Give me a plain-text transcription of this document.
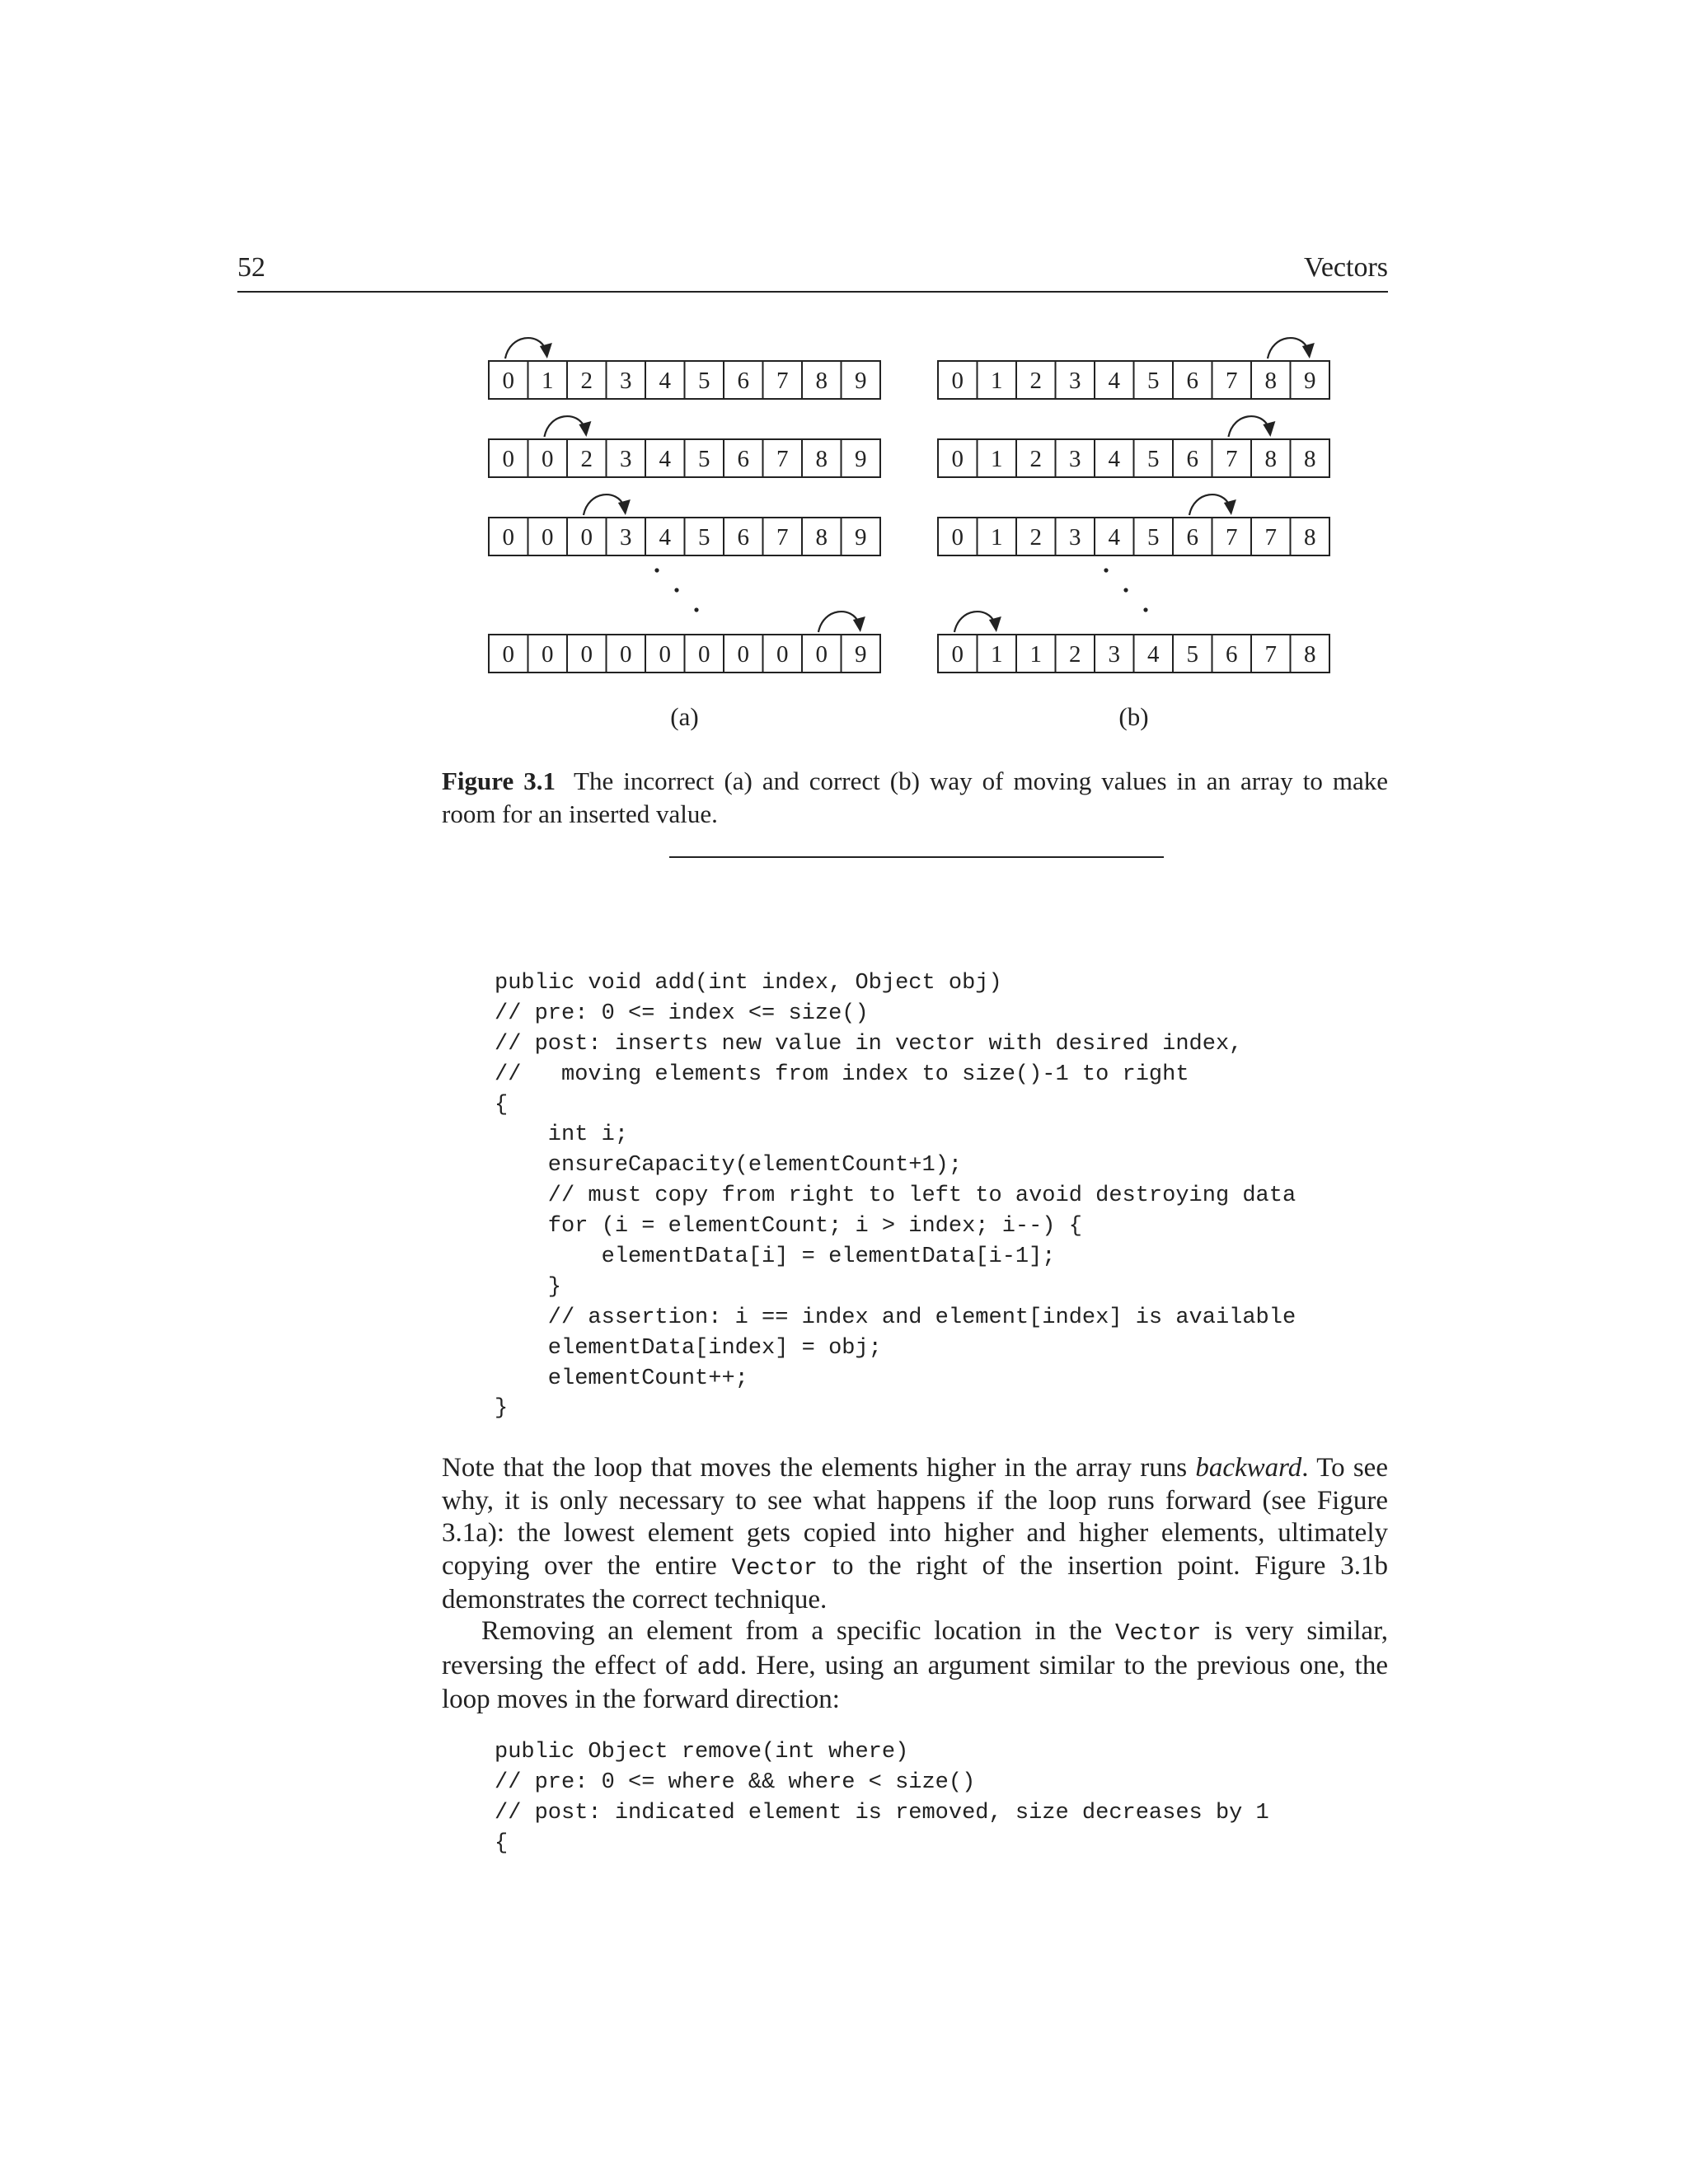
52	Vectors
0 1 2 3 4 5 6 7 8 9
0 0 2 3 4 5 6 7 8 9
0 0 0 3 4 5 6 7 8 9
0 0 0 0 0 0 0 0 0 9
(a)
0 1 2 3 4 5 6 7 8 9
0 1 2 3 4 5 6 7 8 8
0 1 2 3 4 5 6 7 7 8
0 1 1 2 3 4 5 6 7 8
(b)
Figure 3.1 The incorrect (a) and correct (b) way of moving values in an array to make room for an inserted value.
public void add(int index, Object obj)
// pre: 0 <= index <= size()
// post: inserts new value in vector with desired index,
//   moving elements from index to size()-1 to right
{
int i;
ensureCapacity(elementCount+1);
// must copy from right to left to avoid destroying data
for (i = elementCount; i > index; i--) {
elementData[i] = elementData[i-1];
}
// assertion: i == index and element[index] is available
elementData[index] = obj;
elementCount++;
}

Note that the loop that moves the elements higher in the array runs backward. To see why, it is only necessary to see what happens if the loop runs forward (see Figure 3.1a): the lowest element gets copied into higher and higher elements, ultimately copying over the entire Vector to the right of the insertion point. Figure 3.1b demonstrates the correct technique.

Removing an element from a specific location in the Vector is very similar, reversing the effect of add. Here, using an argument similar to the previous one, the loop moves in the forward direction:

public Object remove(int where)
// pre: 0 <= where && where < size()
// post: indicated element is removed, size decreases by 1
{
